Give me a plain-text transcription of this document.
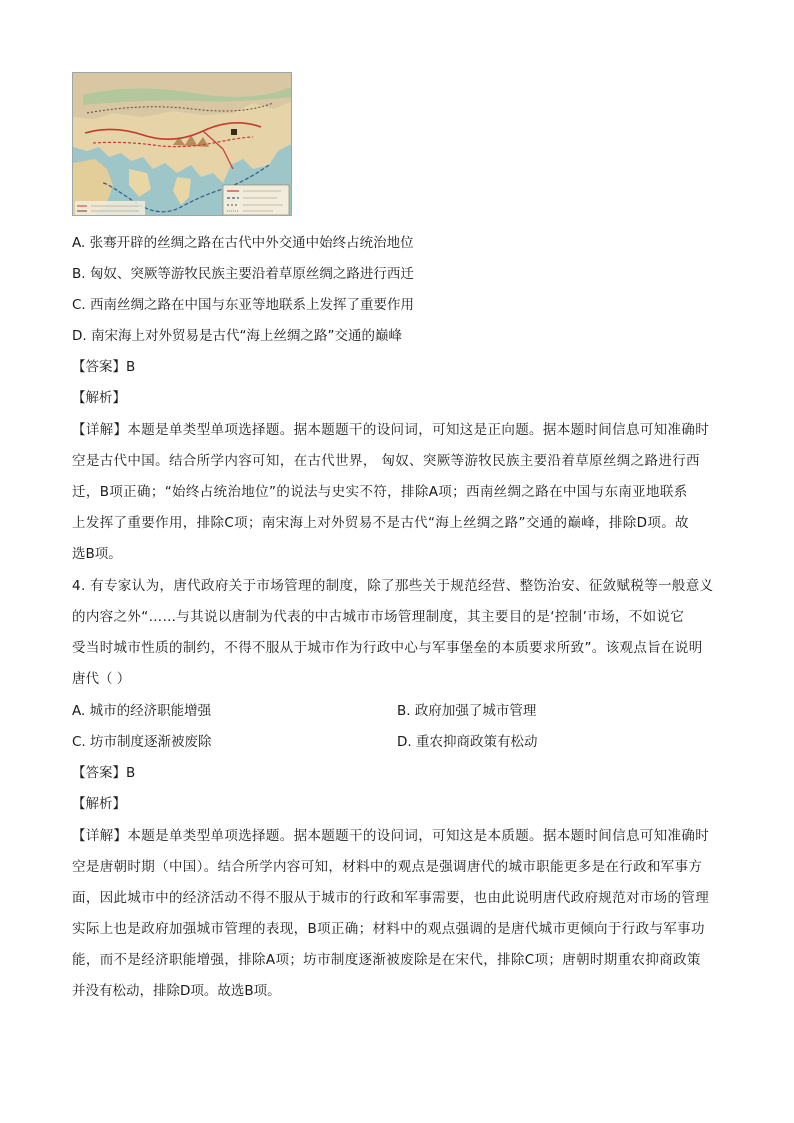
A. 张骞开辟的丝绸之路在古代中外交通中始终占统治地位
B. 匈奴、突厥等游牧民族主要沿着草原丝绸之路进行西迁
C. 西南丝绸之路在中国与东亚等地联系上发挥了重要作用
D. 南宋海上对外贸易是古代“海上丝绸之路”交通的巅峰
【答案】B
【解析】
【详解】本题是单类型单项选择题。据本题题干的设问词，可知这是正向题。据本题时间信息可知准确时
空是古代中国。结合所学内容可知，在古代世界， 匈奴、突厥等游牧民族主要沿着草原丝绸之路进行西
迁，B项正确；“始终占统治地位”的说法与史实不符，排除A项；西南丝绸之路在中国与东南亚地联系
上发挥了重要作用，排除C项；南宋海上对外贸易不是古代“海上丝绸之路”交通的巅峰，排除D项。故
选B项。
4. 有专家认为，唐代政府关于市场管理的制度，除了那些关于规范经营、整饬治安、征敛赋税等一般意义
的内容之外“……与其说以唐制为代表的中古城市市场管理制度，其主要目的是‘控制’市场，不如说它
受当时城市性质的制约，不得不服从于城市作为行政中心与军事堡垒的本质要求所致”。该观点旨在说明
唐代（ ）
A. 城市的经济职能增强	B. 政府加强了城市管理
C. 坊市制度逐渐被废除	D. 重农抑商政策有松动
【答案】B
【解析】
【详解】本题是单类型单项选择题。据本题题干的设问词，可知这是本质题。据本题时间信息可知准确时
空是唐朝时期（中国）。结合所学内容可知，材料中的观点是强调唐代的城市职能更多是在行政和军事方
面，因此城市中的经济活动不得不服从于城市的行政和军事需要，也由此说明唐代政府规范对市场的管理
实际上也是政府加强城市管理的表现，B项正确；材料中的观点强调的是唐代城市更倾向于行政与军事功
能，而不是经济职能增强，排除A项；坊市制度逐渐被废除是在宋代，排除C项；唐朝时期重农抑商政策
并没有松动，排除D项。故选B项。
